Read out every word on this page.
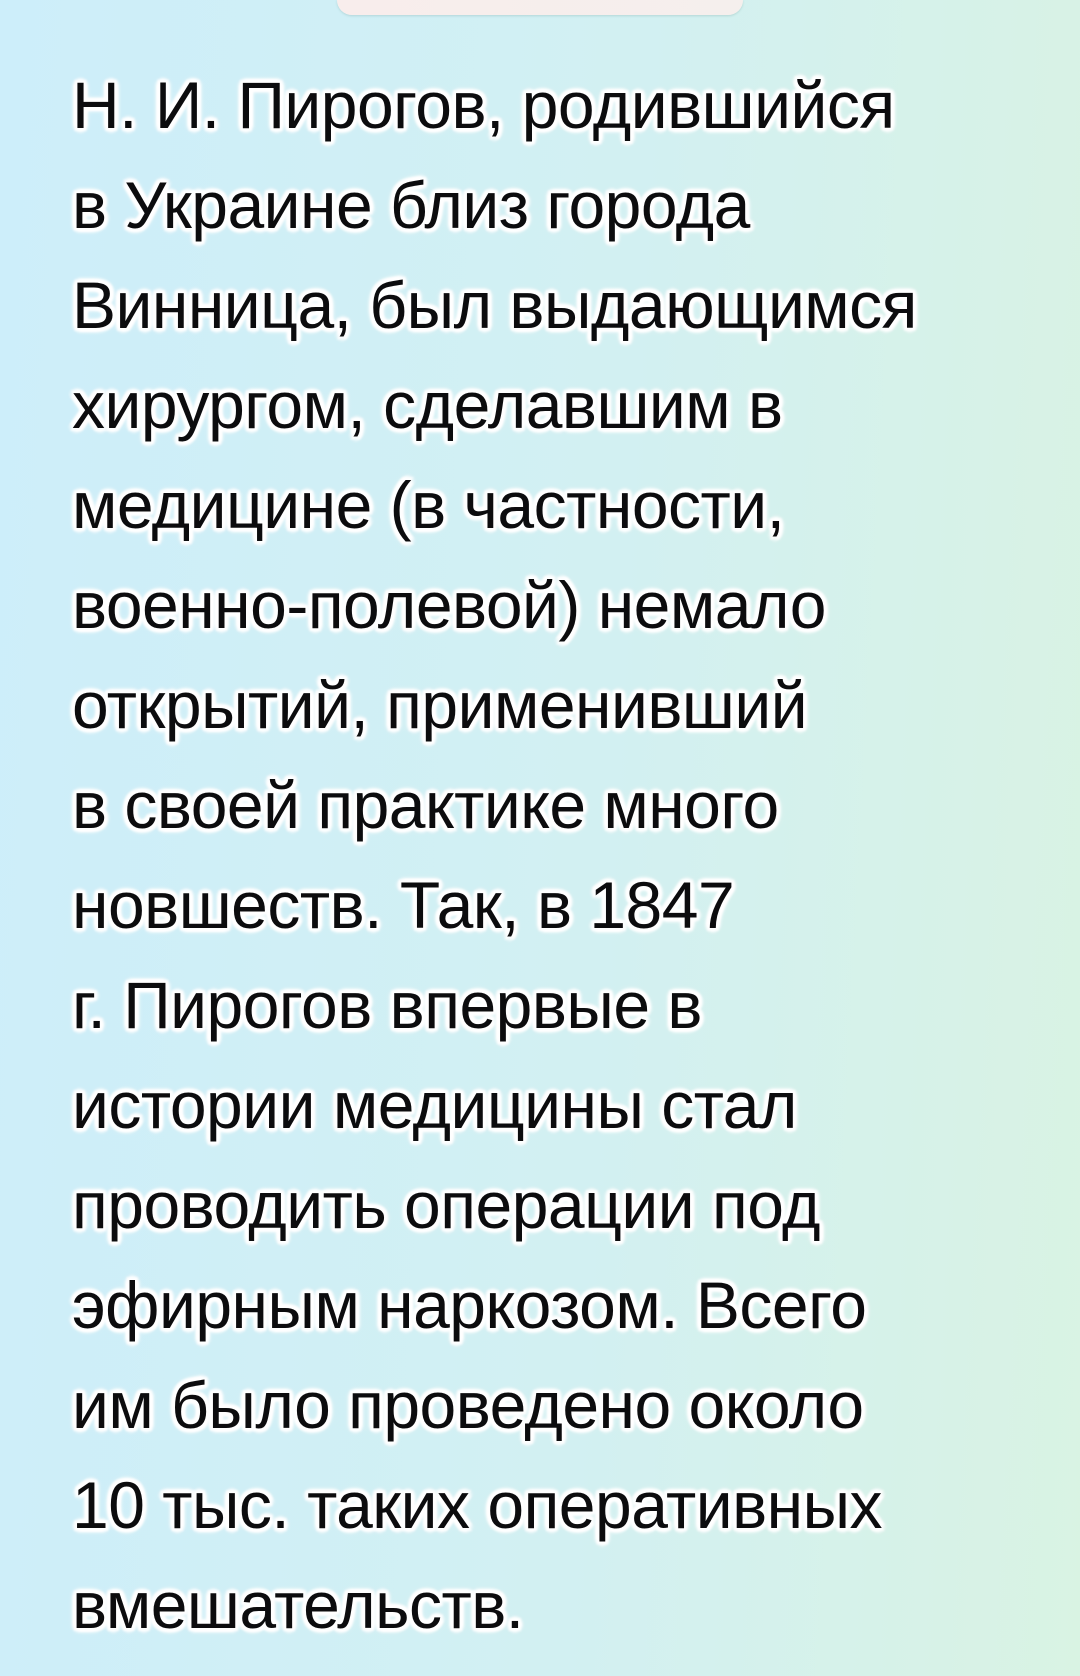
Н. И. Пирогов, родившийся
в Украине близ города
Винница, был выдающимся
хирургом, сделавшим в
медицине (в частности,
военно-полевой) немало
открытий, применивший
в своей практике много
новшеств. Так, в 1847
г. Пирогов впервые в
истории медицины стал
проводить операции под
эфирным наркозом. Всего
им было проведено около
10 тыс. таких оперативных
вмешательств.
